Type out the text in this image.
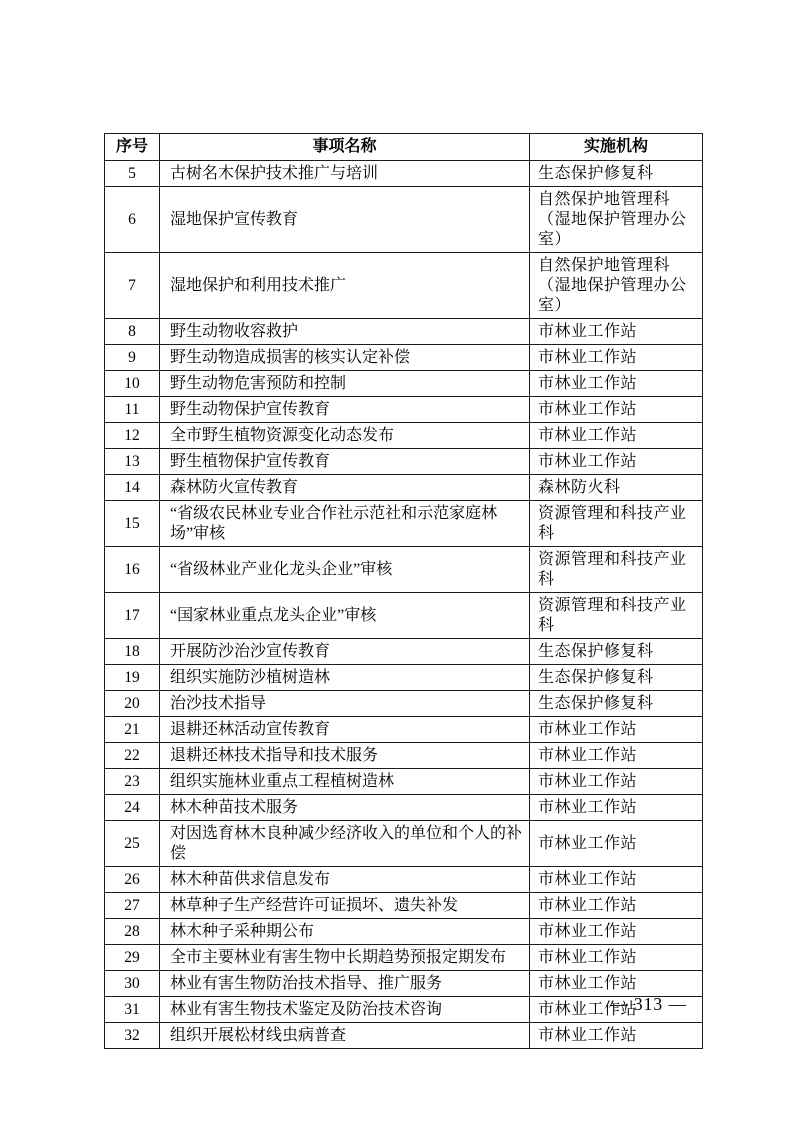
序号	事项名称	实施机构
5	古树名木保护技术推广与培训	生态保护修复科
6	湿地保护宣传教育	自然保护地管理科（湿地保护管理办公室）
7	湿地保护和利用技术推广	自然保护地管理科（湿地保护管理办公室）
8	野生动物收容救护	市林业工作站
9	野生动物造成损害的核实认定补偿	市林业工作站
10	野生动物危害预防和控制	市林业工作站
11	野生动物保护宣传教育	市林业工作站
12	全市野生植物资源变化动态发布	市林业工作站
13	野生植物保护宣传教育	市林业工作站
14	森林防火宣传教育	森林防火科
15	“省级农民林业专业合作社示范社和示范家庭林场”审核	资源管理和科技产业科
16	“省级林业产业化龙头企业”审核	资源管理和科技产业科
17	“国家林业重点龙头企业”审核	资源管理和科技产业科
18	开展防沙治沙宣传教育	生态保护修复科
19	组织实施防沙植树造林	生态保护修复科
20	治沙技术指导	生态保护修复科
21	退耕还林活动宣传教育	市林业工作站
22	退耕还林技术指导和技术服务	市林业工作站
23	组织实施林业重点工程植树造林	市林业工作站
24	林木种苗技术服务	市林业工作站
25	对因选育林木良种减少经济收入的单位和个人的补偿	市林业工作站
26	林木种苗供求信息发布	市林业工作站
27	林草种子生产经营许可证损坏、遗失补发	市林业工作站
28	林木种子采种期公布	市林业工作站
29	全市主要林业有害生物中长期趋势预报定期发布	市林业工作站
30	林业有害生物防治技术指导、推广服务	市林业工作站
31	林业有害生物技术鉴定及防治技术咨询	市林业工作站
32	组织开展松材线虫病普查	市林业工作站
— 313 —
